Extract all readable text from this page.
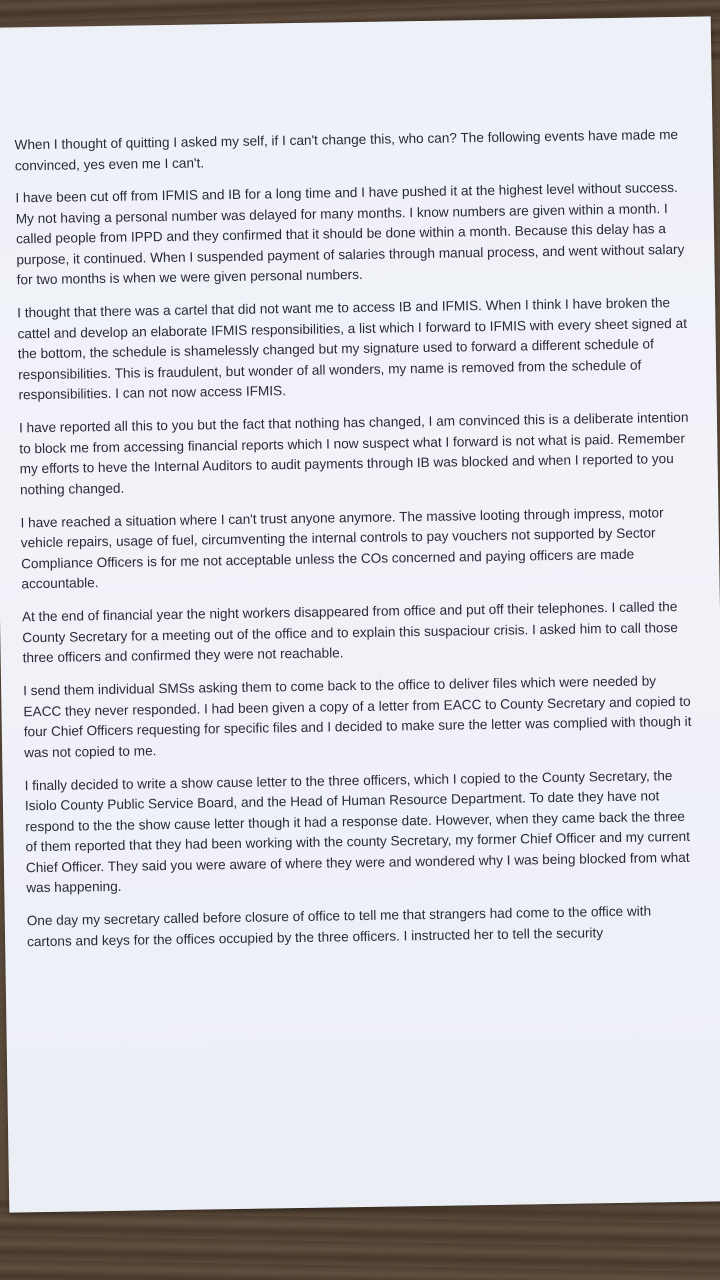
When I thought of quitting I asked my self, if I can't change this, who can? The following events have made me convinced, yes even me I can't.

I have been cut off from IFMIS and IB for a long time and I have pushed it at the highest level without success. My not having a personal number was delayed for many months. I know numbers are given within a month. I called people from IPPD and they confirmed that it should be done within a month. Because this delay has a purpose, it continued. When I suspended payment of salaries through manual process, and went without salary for two months is when we were given personal numbers.

I thought that there was a cartel that did not want me to access IB and IFMIS. When I think I have broken the cattel and develop an elaborate IFMIS responsibilities, a list which I forward to IFMIS with every sheet signed at the bottom, the schedule is shamelessly changed but my signature used to forward a different schedule of responsibilities. This is fraudulent, but wonder of all wonders, my name is removed from the schedule of responsibilities. I can not now access IFMIS.

I have reported all this to you but the fact that nothing has changed, I am convinced this is a deliberate intention to block me from accessing financial reports which I now suspect what I forward is not what is paid. Remember my efforts to heve the Internal Auditors to audit payments through IB was blocked and when I reported to you nothing changed.

I have reached a situation where I can't trust anyone anymore. The massive looting through impress, motor vehicle repairs, usage of fuel, circumventing the internal controls to pay vouchers not supported by Sector Compliance Officers is for me not acceptable unless the COs concerned and paying officers are made accountable.

At the end of financial year the night workers disappeared from office and put off their telephones. I called the County Secretary for a meeting out of the office and to explain this suspaciour crisis. I asked him to call those three officers and confirmed they were not reachable.

I send them individual SMSs asking them to come back to the office to deliver files which were needed by EACC they never responded. I had been given a copy of a letter from EACC to County Secretary and copied to four Chief Officers requesting for specific files and I decided to make sure the letter was complied with though it was not copied to me.

I finally decided to write a show cause letter to the three officers, which I copied to the County Secretary, the Isiolo County Public Service Board, and the Head of Human Resource Department. To date they have not respond to the the show cause letter though it had a response date. However, when they came back the three of them reported that they had been working with the county Secretary, my former Chief Officer and my current Chief Officer. They said you were aware of where they were and wondered why I was being blocked from what was happening.

One day my secretary called before closure of office to tell me that strangers had come to the office with cartons and keys for the offices occupied by the three officers. I instructed her to tell the security
